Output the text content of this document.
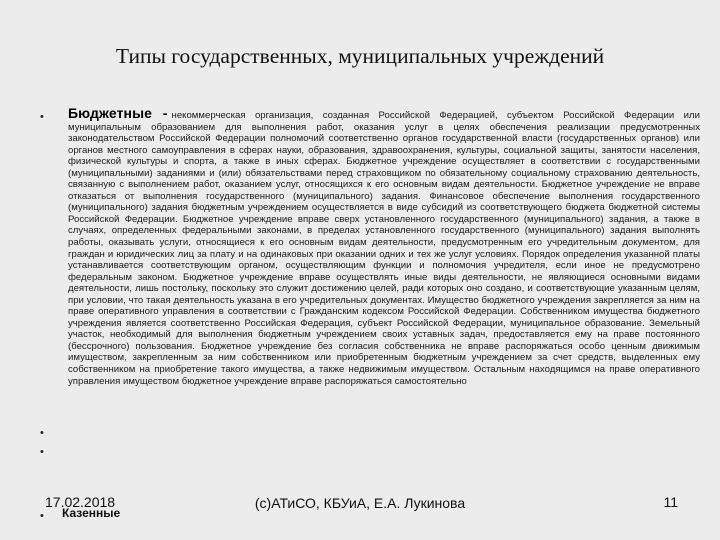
Типы государственных, муниципальных учреждений
• Бюджетные - некоммерческая организация, созданная Российской Федерацией, субъектом Российской Федерации или муниципальным образованием для выполнения работ, оказания услуг в целях обеспечения реализации предусмотренных законодательством Российской Федерации полномочий соответственно органов государственной власти (государственных органов) или органов местного самоуправления в сферах науки, образования, здравоохранения, культуры, социальной защиты, занятости населения, физической культуры и спорта, а также в иных сферах. Бюджетное учреждение осуществляет в соответствии с государственными (муниципальными) заданиями и (или) обязательствами перед страховщиком по обязательному социальному страхованию деятельность, связанную с выполнением работ, оказанием услуг, относящихся к его основным видам деятельности. Бюджетное учреждение не вправе отказаться от выполнения государственного (муниципального) задания. Финансовое обеспечение выполнения государственного (муниципального) задания бюджетным учреждением осуществляется в виде субсидий из соответствующего бюджета бюджетной системы Российской Федерации. Бюджетное учреждение вправе сверх установленного государственного (муниципального) задания, а также в случаях, определенных федеральными законами, в пределах установленного государственного (муниципального) задания выполнять работы, оказывать услуги, относящиеся к его основным видам деятельности, предусмотренным его учредительным документом, для граждан и юридических лиц за плату и на одинаковых при оказании одних и тех же услуг условиях. Порядок определения указанной платы устанавливается соответствующим органом, осуществляющим функции и полномочия учредителя, если иное не предусмотрено федеральным законом. Бюджетное учреждение вправе осуществлять иные виды деятельности, не являющиеся основными видами деятельности, лишь постольку, поскольку это служит достижению целей, ради которых оно создано, и соответствующие указанным целям, при условии, что такая деятельность указана в его учредительных документах. Имущество бюджетного учреждения закрепляется за ним на праве оперативного управления в соответствии с Гражданским кодексом Российской Федерации. Собственником имущества бюджетного учреждения является соответственно Российская Федерация, субъект Российской Федерации, муниципальное образование. Земельный участок, необходимый для выполнения бюджетным учреждением своих уставных задач, предоставляется ему на праве постоянного (бессрочного) пользования. Бюджетное учреждение без согласия собственника не вправе распоряжаться особо ценным движимым имуществом, закрепленным за ним собственником или приобретенным бюджетным учреждением за счет средств, выделенных ему собственником на приобретение такого имущества, а также недвижимым имуществом. Остальным находящимся на праве оперативного управления имуществом бюджетное учреждение вправе распоряжаться самостоятельно
•
•
•
17.02.2018
Казенные
(с)АТиСО, КБУиА, Е.А. Лукинова	11
